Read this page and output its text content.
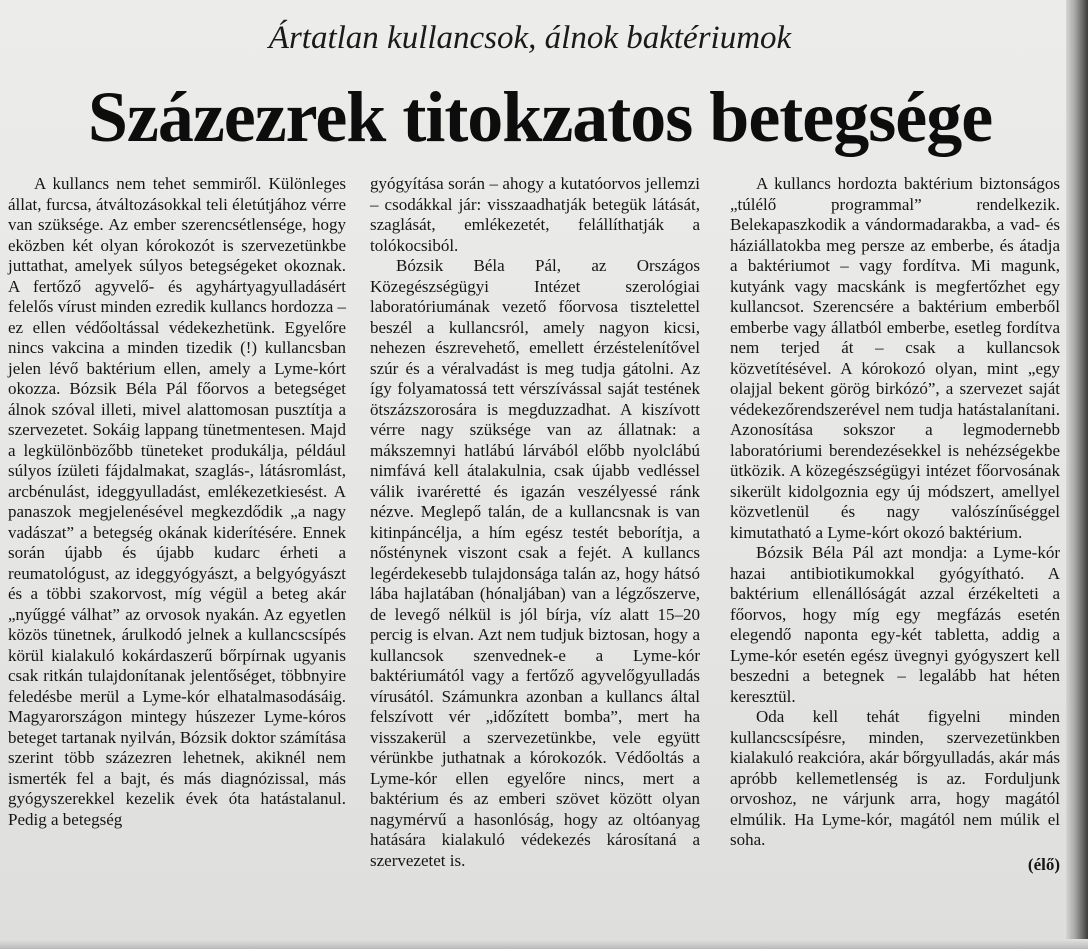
Ártatlan kullancsok, álnok baktériumok
Százezrek titokzatos betegsége

A kullancs nem tehet semmiről. Különleges állat, furcsa, átváltozásokkal teli életútjához vérre van szüksége. Az ember szerencsétlensége, hogy eközben két olyan kórokozót is szervezetünkbe juttathat, amelyek súlyos betegségeket okoznak. A fertőző agyvelő- és agyhártyagyulladásért felelős vírust minden ezredik kullancs hordozza – ez ellen védőoltással védekezhetünk. Egyelőre nincs vakcina a minden tizedik (!) kullancsban jelen lévő baktérium ellen, amely a Lyme-kórt okozza. Bózsik Béla Pál főorvos a betegséget álnok szóval illeti, mivel alattomosan pusztítja a szervezetet. Sokáig lappang tünetmentesen. Majd a legkülönbözőbb tüneteket produkálja, például súlyos ízületi fájdalmakat, szaglás-, látásromlást, arcbénulást, ideggyulladást, emlékezetkiesést. A panaszok megjelenésével megkezdődik „a nagy vadászat” a betegség okának kiderítésére. Ennek során újabb és újabb kudarc érheti a reumatológust, az ideggyógyászt, a belgyógyászt és a többi szakorvost, míg végül a beteg akár „nyűggé válhat” az orvosok nyakán. Az egyetlen közös tünetnek, árulkodó jelnek a kullancscsípés körül kialakuló kokárdaszerű bőrpírnak ugyanis csak ritkán tulajdonítanak jelentőséget, többnyire feledésbe merül a Lyme-kór elhatalmasodásáig. Magyarországon mintegy húszezer Lyme-kóros beteget tartanak nyilván, Bózsik doktor számítása szerint több százezren lehetnek, akiknél nem ismerték fel a bajt, és más diagnózissal, más gyógyszerekkel kezelik évek óta hatástalanul. Pedig a betegség

gyógyítása során – ahogy a kutatóorvos jellemzi – csodákkal jár: visszaadhatják betegük látását, szaglását, emlékezetét, felállíthatják a tolókocsiból.

Bózsik Béla Pál, az Országos Közegészségügyi Intézet szerológiai laboratóriumának vezető főorvosa tisztelettel beszél a kullancsról, amely nagyon kicsi, nehezen észrevehető, emellett érzéstelenítővel szúr és a véralvadást is meg tudja gátolni. Az így folyamatossá tett vérszívással saját testének ötszázszorosára is megduzzadhat. A kiszívott vérre nagy szüksége van az állatnak: a mákszemnyi hatlábú lárvából előbb nyolclábú nimfává kell átalakulnia, csak újabb vedléssel válik ivaréretté és igazán veszélyessé ránk nézve. Meglepő talán, de a kullancsnak is van kitinpáncélja, a hím egész testét beborítja, a nősténynek viszont csak a fejét. A kullancs legérdekesebb tulajdonsága talán az, hogy hátsó lába hajlatában (hónaljában) van a légzőszerve, de levegő nélkül is jól bírja, víz alatt 15–20 percig is elvan. Azt nem tudjuk biztosan, hogy a kullancsok szenvednek-e a Lyme-kór baktériumától vagy a fertőző agyvelőgyulladás vírusától. Számunkra azonban a kullancs által felszívott vér „időzített bomba”, mert ha visszakerül a szervezetünkbe, vele együtt vérünkbe juthatnak a kórokozók. Védőoltás a Lyme-kór ellen egyelőre nincs, mert a baktérium és az emberi szövet között olyan nagymérvű a hasonlóság, hogy az oltóanyag hatására kialakuló védekezés károsítaná a szervezetet is.

A kullancs hordozta baktérium biztonságos „túlélő programmal” rendelkezik. Belekapaszkodik a vándormadarakba, a vad- és háziállatokba meg persze az emberbe, és átadja a baktériumot – vagy fordítva. Mi magunk, kutyánk vagy macskánk is megfertőzhet egy kullancsot. Szerencsére a baktérium emberből emberbe vagy állatból emberbe, esetleg fordítva nem terjed át – csak a kullancsok közvetítésével. A kórokozó olyan, mint „egy olajjal bekent görög birkózó”, a szervezet saját védekezőrendszerével nem tudja hatástalanítani. Azonosítása sokszor a legmodernebb laboratóriumi berendezésekkel is nehézségekbe ütközik. A közegészségügyi intézet főorvosának sikerült kidolgoznia egy új módszert, amellyel közvetlenül és nagy valószínűséggel kimutatható a Lyme-kórt okozó baktérium.

Bózsik Béla Pál azt mondja: a Lyme-kór hazai antibiotikumokkal gyógyítható. A baktérium ellenállóságát azzal érzékelteti a főorvos, hogy míg egy megfázás esetén elegendő naponta egy-két tabletta, addig a Lyme-kór esetén egész üvegnyi gyógyszert kell beszedni a betegnek – legalább hat héten keresztül.

Oda kell tehát figyelni minden kullancscsípésre, minden, szervezetünkben kialakuló reakcióra, akár bőrgyulladás, akár más apróbb kellemetlenség is az. Forduljunk orvoshoz, ne várjunk arra, hogy magától elmúlik. Ha Lyme-kór, magától nem múlik el soha.

(élő)
